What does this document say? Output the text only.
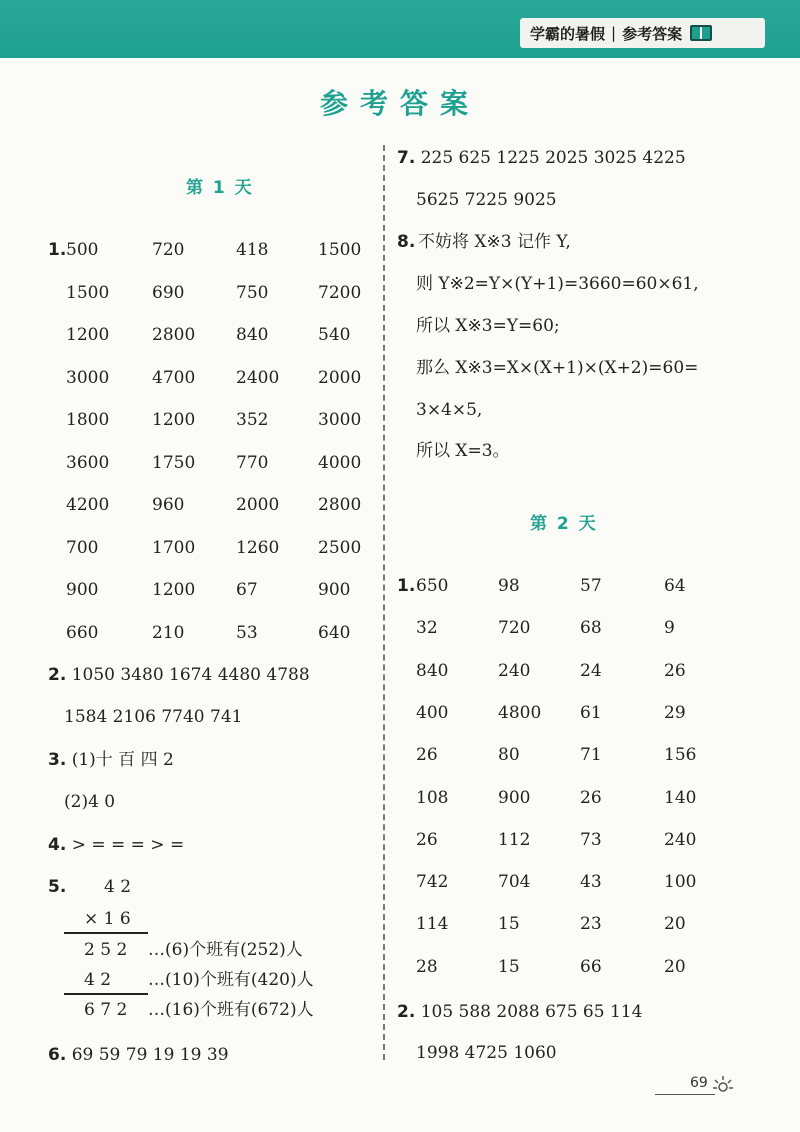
学霸的暑假 | 参考答案
参考答案
第 1 天
1. 500	720	418	1500
1500	690	750	7200
1200	2800 840	540
3000	4700 2400 2000
1800	1200 352	3000
3600	1750 770	4000
4200	960	2000 2800
700	1700 1260 2500
900	1200 67	900
660	210	53	640
2. 1050 3480 1674 4480 4788
1584 2106 7740 741
3. (1)十 百 四 2
(2)4 0
4. > = = = > =
5. 4 2
× 1 6
2 5 2 …(6)个班有(252)人
4 2 …(10)个班有(420)人
6 7 2 …(16)个班有(672)人
6. 69 59 79 19 19 39
7. 225 625 1225 2025 3025 4225
5625 7225 9025
8. 不妨将 X※3 记作 Y,
则 Y※2=Y×(Y+1)=3660=60×61,
所以 X※3=Y=60;
那么 X※3=X×(X+1)×(X+2)=60=
3×4×5,
所以 X=3。
第 2 天
1. 650	98	57	64
32	720	68	9
840	240	24	26
400	4800 61	29
26	80	71	156
108	900	26	140
26	112	73	240
742	704	43	100
114	15	23	20
28	15	66	20
2. 105 588 2088 675 65 114
1998 4725 1060
69
